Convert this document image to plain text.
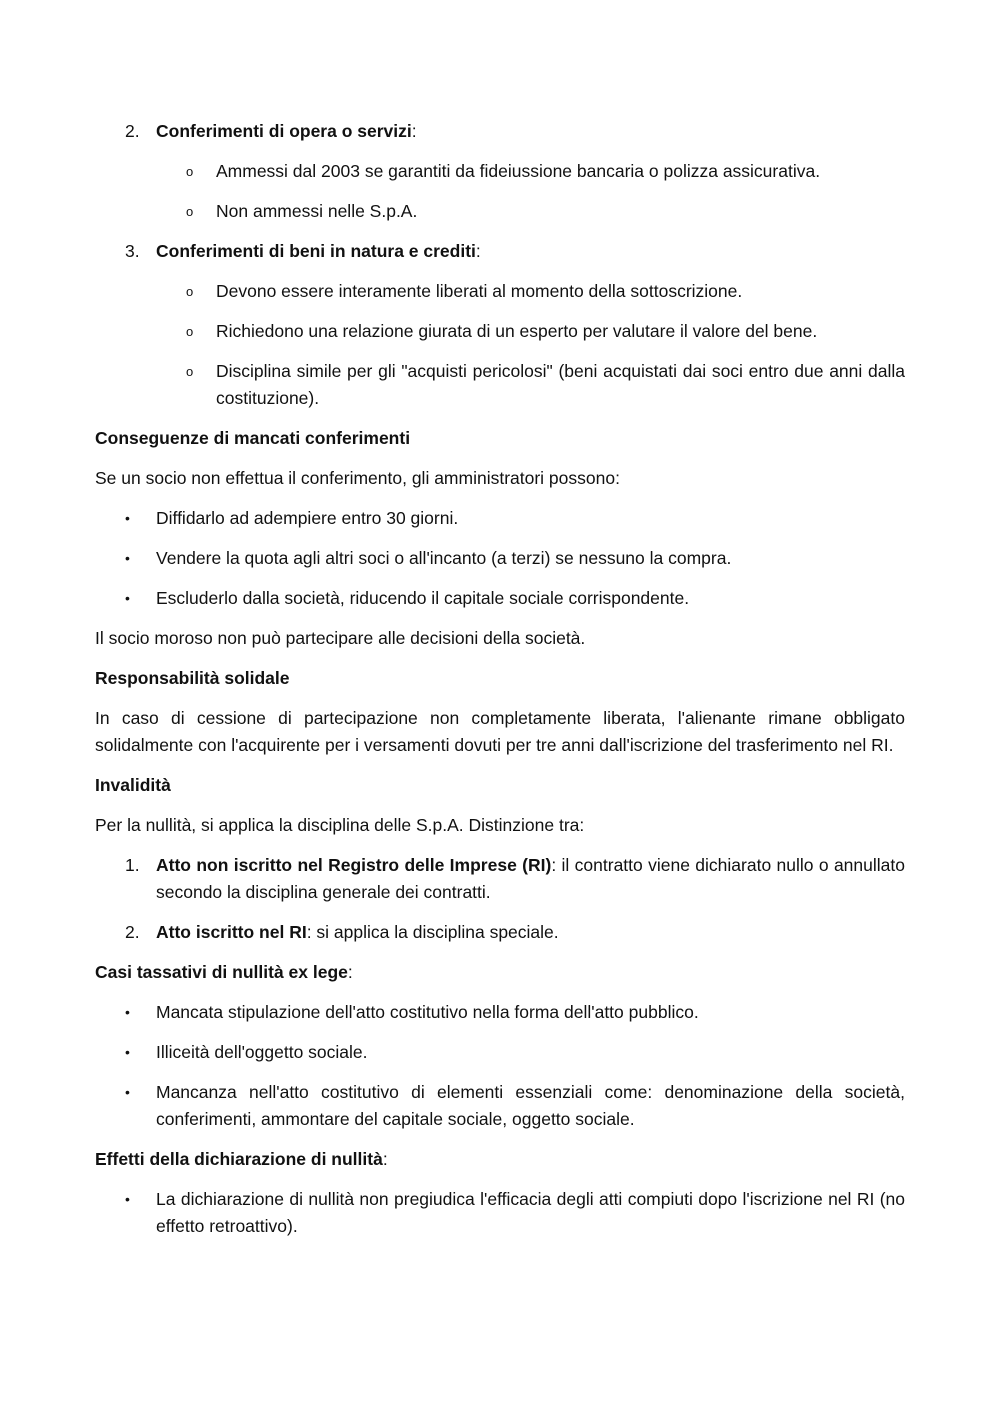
2. Conferimenti di opera o servizi:
o Ammessi dal 2003 se garantiti da fideiussione bancaria o polizza assicurativa.
o Non ammessi nelle S.p.A.
3. Conferimenti di beni in natura e crediti:
o Devono essere interamente liberati al momento della sottoscrizione.
o Richiedono una relazione giurata di un esperto per valutare il valore del bene.
o Disciplina simile per gli "acquisti pericolosi" (beni acquistati dai soci entro due anni dalla costituzione).

Conseguenze di mancati conferimenti

Se un socio non effettua il conferimento, gli amministratori possono:

• Diffidarlo ad adempiere entro 30 giorni.
• Vendere la quota agli altri soci o all'incanto (a terzi) se nessuno la compra.
• Escluderlo dalla società, riducendo il capitale sociale corrispondente.

Il socio moroso non può partecipare alle decisioni della società.

Responsabilità solidale

In caso di cessione di partecipazione non completamente liberata, l'alienante rimane obbligato solidalmente con l'acquirente per i versamenti dovuti per tre anni dall'iscrizione del trasferimento nel RI.

Invalidità

Per la nullità, si applica la disciplina delle S.p.A. Distinzione tra:

1. Atto non iscritto nel Registro delle Imprese (RI): il contratto viene dichiarato nullo o annullato secondo la disciplina generale dei contratti.
2. Atto iscritto nel RI: si applica la disciplina speciale.

Casi tassativi di nullità ex lege:

• Mancata stipulazione dell'atto costitutivo nella forma dell'atto pubblico.
• Illiceità dell'oggetto sociale.
• Mancanza nell'atto costitutivo di elementi essenziali come: denominazione della società, conferimenti, ammontare del capitale sociale, oggetto sociale.

Effetti della dichiarazione di nullità:

• La dichiarazione di nullità non pregiudica l'efficacia degli atti compiuti dopo l'iscrizione nel RI (no effetto retroattivo).
